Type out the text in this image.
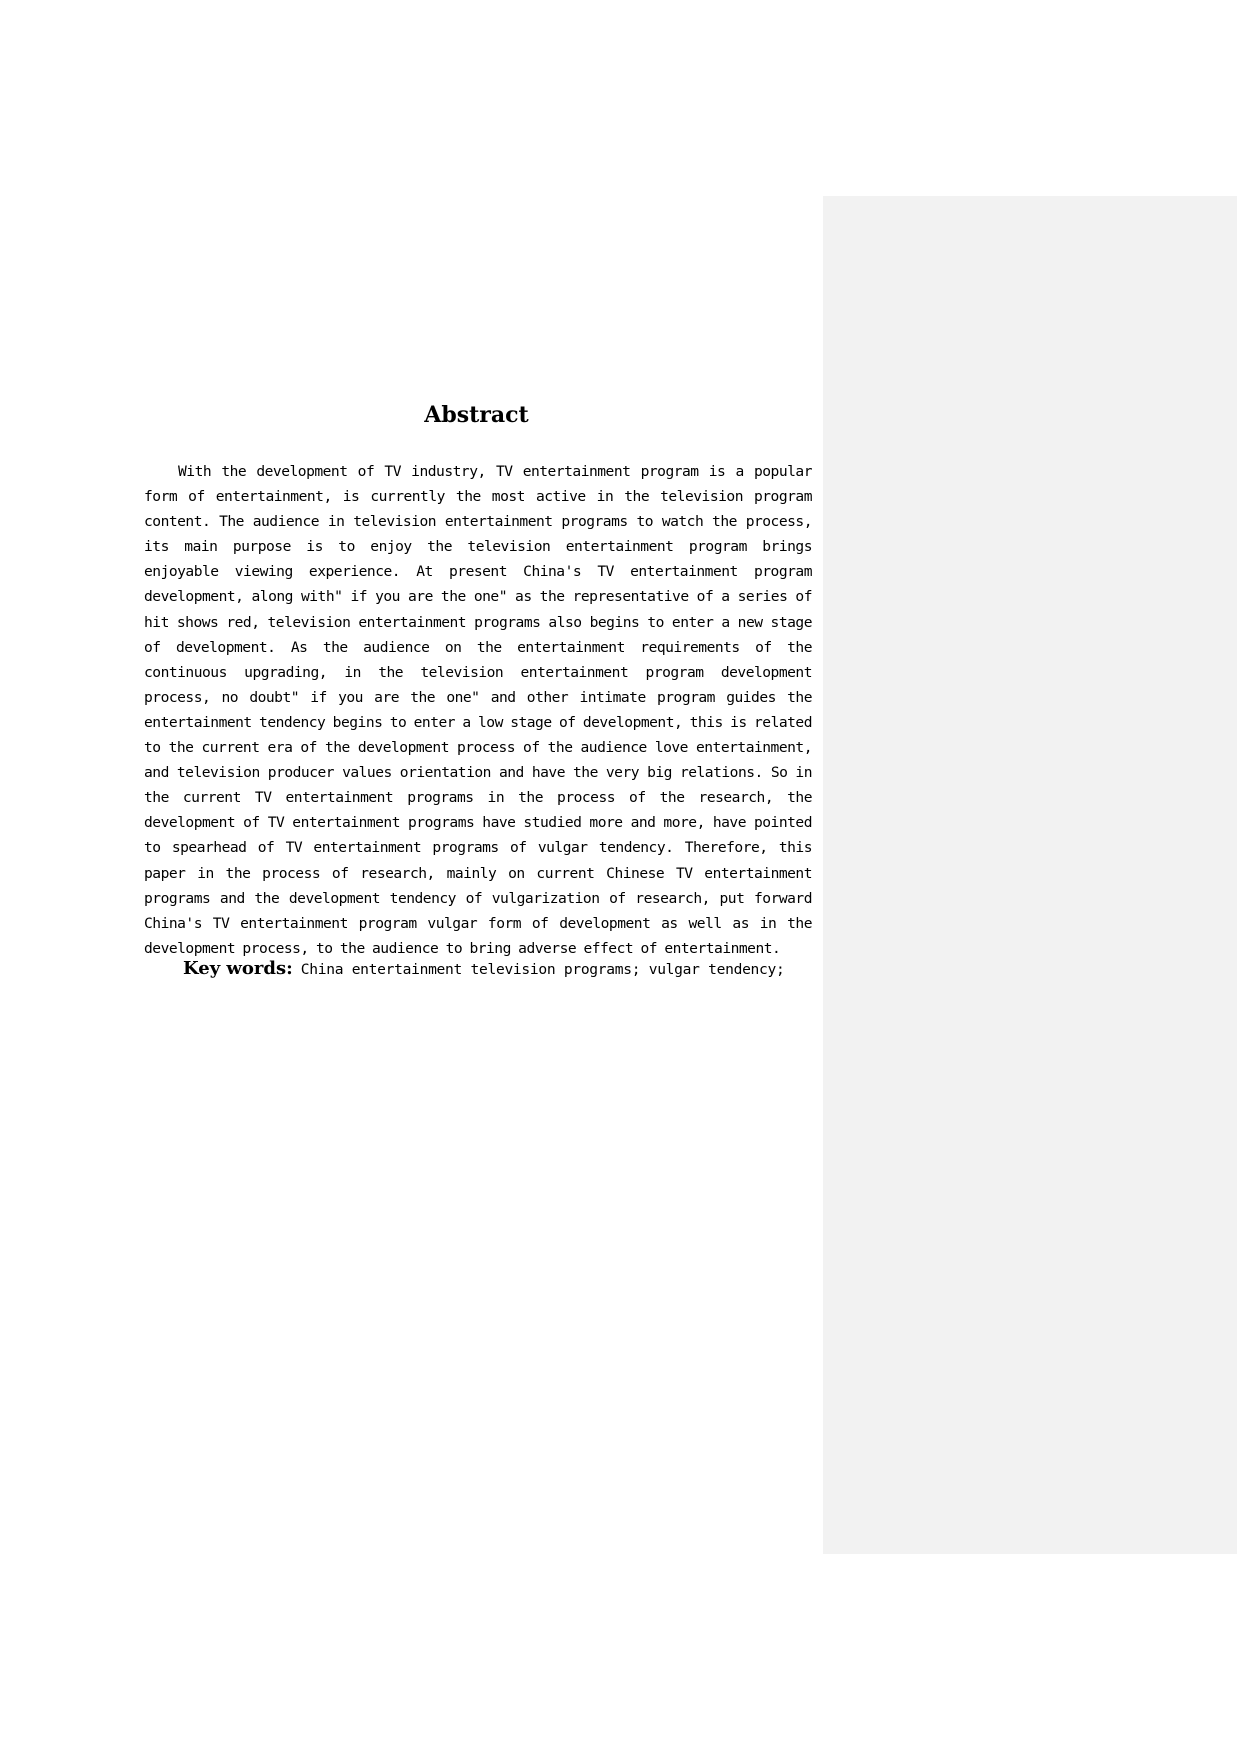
Abstract

With the development of TV industry, TV entertainment program is a popular form of entertainment, is currently the most active in the television program content. The audience in television entertainment programs to watch the process, its main purpose is to enjoy the television entertainment program brings enjoyable viewing experience. At present China's TV entertainment program development, along with" if you are the one" as the representative of a series of hit shows red, television entertainment programs also begins to enter a new stage of development. As the audience on the entertainment requirements of the continuous upgrading, in the television entertainment program development process, no doubt" if you are the one" and other intimate program guides the entertainment tendency begins to enter a low stage of development, this is related to the current era of the development process of the audience love entertainment, and television producer values orientation and have the very big relations. So in the current TV entertainment programs in the process of the research, the development of TV entertainment programs have studied more and more, have pointed to spearhead of TV entertainment programs of vulgar tendency. Therefore, this paper in the process of research, mainly on current Chinese TV entertainment programs and the development tendency of vulgarization of research, put forward China's TV entertainment program vulgar form of development as well as in the development process, to the audience to bring adverse effect of entertainment.

Key words: China entertainment television programs; vulgar tendency;
